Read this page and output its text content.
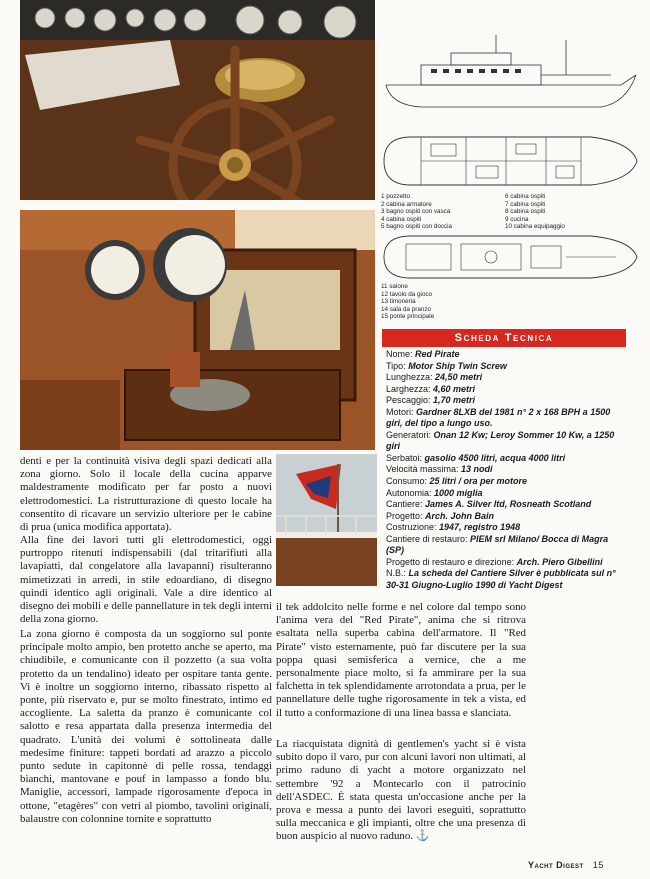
1 pozzetto
2 cabina armatore
3 bagno ospiti con vasca
4 cabina ospiti
5 bagno ospiti con doccia
6 cabina ospiti
7 cabina ospiti
8 cabina ospiti
9 cucina
10 cabina equipaggio
11 salone
12 tavolo da gioco
13 timoneria
14 sala da pranzo
15 ponte principale
Scheda Tecnica
Nome: Red Pirate
Tipo: Motor Ship Twin Screw
Lunghezza: 24,50 metri
Larghezza: 4,60 metri
Pescaggio: 1,70 metri
Motori: Gardner 8LXB del 1981 n° 2 x 168 BPH a 1500 giri, del tipo a lungo uso.
Generatori: Onan 12 Kw; Leroy Sommer 10 Kw, a 1250 giri
Serbatoi: gasolio 4500 litri, acqua 4000 litri
Velocità massima: 13 nodi
Consumo: 25 litri / ora per motore
Autonomia: 1000 miglia
Cantiere: James A. Silver ltd, Rosneath Scotland
Progetto: Arch. John Bain
Costruzione: 1947, registro 1948
Cantiere di restauro: PIEM srl Milano/ Bocca di Magra (SP)
Progetto di restauro e direzione: Arch. Piero Gibellini
N.B.: La scheda del Cantiere Silver è pubblicata sul n° 30-31 Giugno-Luglio 1990 di Yacht Digest

denti e per la continuità visiva degli spazi dedicati alla zona giorno. Solo il locale della cucina apparve maldestramente modificato per far posto a nuovi elettrodomestici. La ristrutturazione di questo locale ha consentito di ricavare un servizio ulteriore per le cabine di prua (unica modifica apportata).

Alla fine dei lavori tutti gli elettrodomestici, oggi purtroppo ritenuti indispensabili (dal tritarifiuti alla lavapiatti, dal congelatore alla lavapanni) risulteranno mimetizzati in arredi, in stile edoardiano, di disegno quindi identico agli originali. Vale a dire identico al disegno dei mobili e delle pannellature in tek degli interni della zona giorno.

La zona giorno è composta da un soggiorno sul ponte principale molto ampio, ben protetto anche se aperto, ma chiudibile, e comunicante con il pozzetto (a sua volta protetto da un tendalino) ideato per ospitare tanta gente. Vi è inoltre un soggiorno interno, ribassato rispetto al ponte, più riservato e, pur se molto finestrato, intimo ed accogliente. La saletta da pranzo è comunicante col salotto e resa appartata dalla presenza intermedia del quadrato. L'unità dei volumi è sottolineata dalle medesime finiture: tappeti bordati ad arazzo a piccolo punto sedute in capitonnè di pelle rossa, tendaggi bianchi, mantovane e pouf in lampasso a fondo blu. Maniglie, accessori, lampade rigorosamente d'epoca in ottone, "etagères" con vetri al piombo, tavolini originali, balaustre con colonnine tornite e soprattutto

il tek addolcito nelle forme e nel colore dal tempo sono l'anima vera del "Red Pirate", anima che si ritrova esaltata nella superba cabina dell'armatore. Il "Red Pirate" visto esternamente, può far discutere per la sua poppa quasi semisferica a vernice, che a me personalmente piace molto, si fa ammirare per la sua falchetta in tek splendidamente arrotondata a prua, per le pannellature delle tughe rigorosamente in tek a vista, ed il tutto a conformazione di una linea bassa e slanciata.

La riacquistata dignità di gentlemen's yacht si è vista subito dopo il varo, pur con alcuni lavori non ultimati, al primo raduno di yacht a motore organizzato nel settembre '92 a Montecarlo con il patrocinio dell'ASDEC. È stata questa un'occasione anche per la prova e messa a punto dei lavori eseguiti, soprattutto sulla meccanica e gli impianti, oltre che una presenza di buon auspicio al nuovo raduno. ⚓

Yacht Digest 15
